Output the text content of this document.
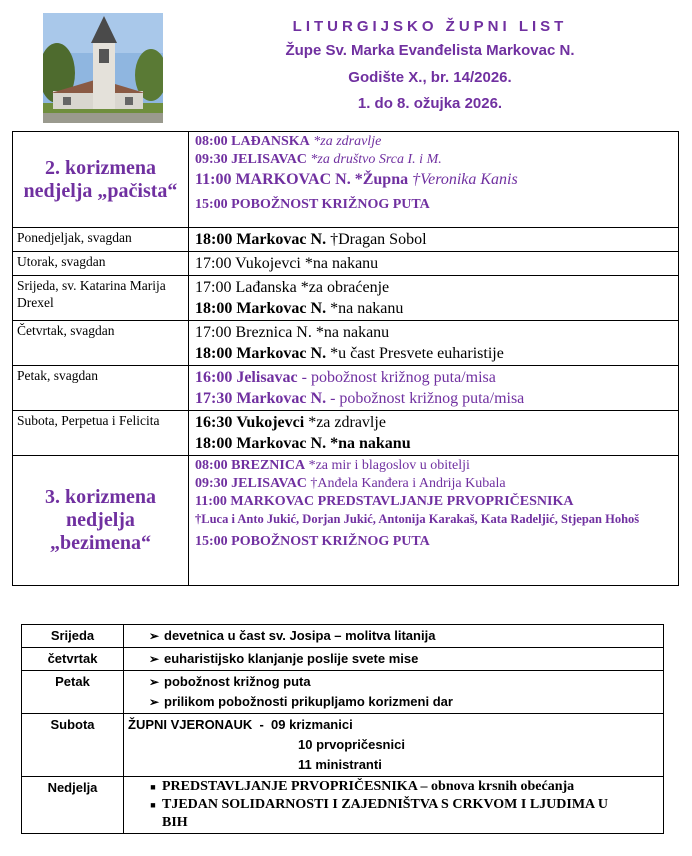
LITURGIJSKO ŽUPNI LIST
Župe Sv. Marka Evanđelista Markovac N.
Godište X., br. 14/2026.
1. do 8. ožujka 2026.
2. korizmena nedjelja „pačista“	08:00 LAĐANSKA *za zdravlje
09:30 JELISAVAC *za društvo Srca I. i M.
11:00 MARKOVAC N. *Župna †Veronika Kanis
15:00 POBOŽNOST KRIŽNOG PUTA

Ponedjeljak, svagdan	18:00 Markovac N. †Dragan Sobol

Utorak, svagdan	17:00 Vukojevci *na nakanu

Srijeda, sv. Katarina Marija Drexel	17:00 Lađanska *za obraćenje
18:00 Markovac N. *na nakanu

Četvrtak, svagdan	17:00 Breznica N. *na nakanu
18:00 Markovac N. *u čast Presvete euharistije

Petak, svagdan	16:00 Jelisavac - pobožnost križnog puta/misa
17:30 Markovac N. - pobožnost križnog puta/misa

Subota, Perpetua i Felicita	16:30 Vukojevci *za zdravlje
18:00 Markovac N. *na nakanu

3. korizmena nedjelja „bezimena“	08:00 BREZNICA *za mir i blagoslov u obitelji
09:30 JELISAVAC †Anđela Kanđera i Andrija Kubala
11:00 MARKOVAC PREDSTAVLJANJE PRVOPRIČESNIKA
†Luca i Anto Jukić, Dorjan Jukić, Antonija Karakaš, Kata Radeljić, Stjepan Hohoš
15:00 POBOŽNOST KRIŽNOG PUTA
Srijeda	➢ devetnica u čast sv. Josipa – molitva litanija

četvrtak	➢ euharistijsko klanjanje poslije svete mise

Petak	➢ pobožnost križnog puta
➢ prilikom pobožnosti prikupljamo korizmeni dar

Subota	ŽUPNI VJERONAUK  -  09 krizmanici
10 prvopričesnici
11 ministranti

Nedjelja	■ PREDSTAVLJANJE PRVOPRIČESNIKA – obnova krsnih obećanja
■ TJEDAN SOLIDARNOSTI I ZAJEDNIŠTVA S CRKVOM I LJUDIMA U BIH
